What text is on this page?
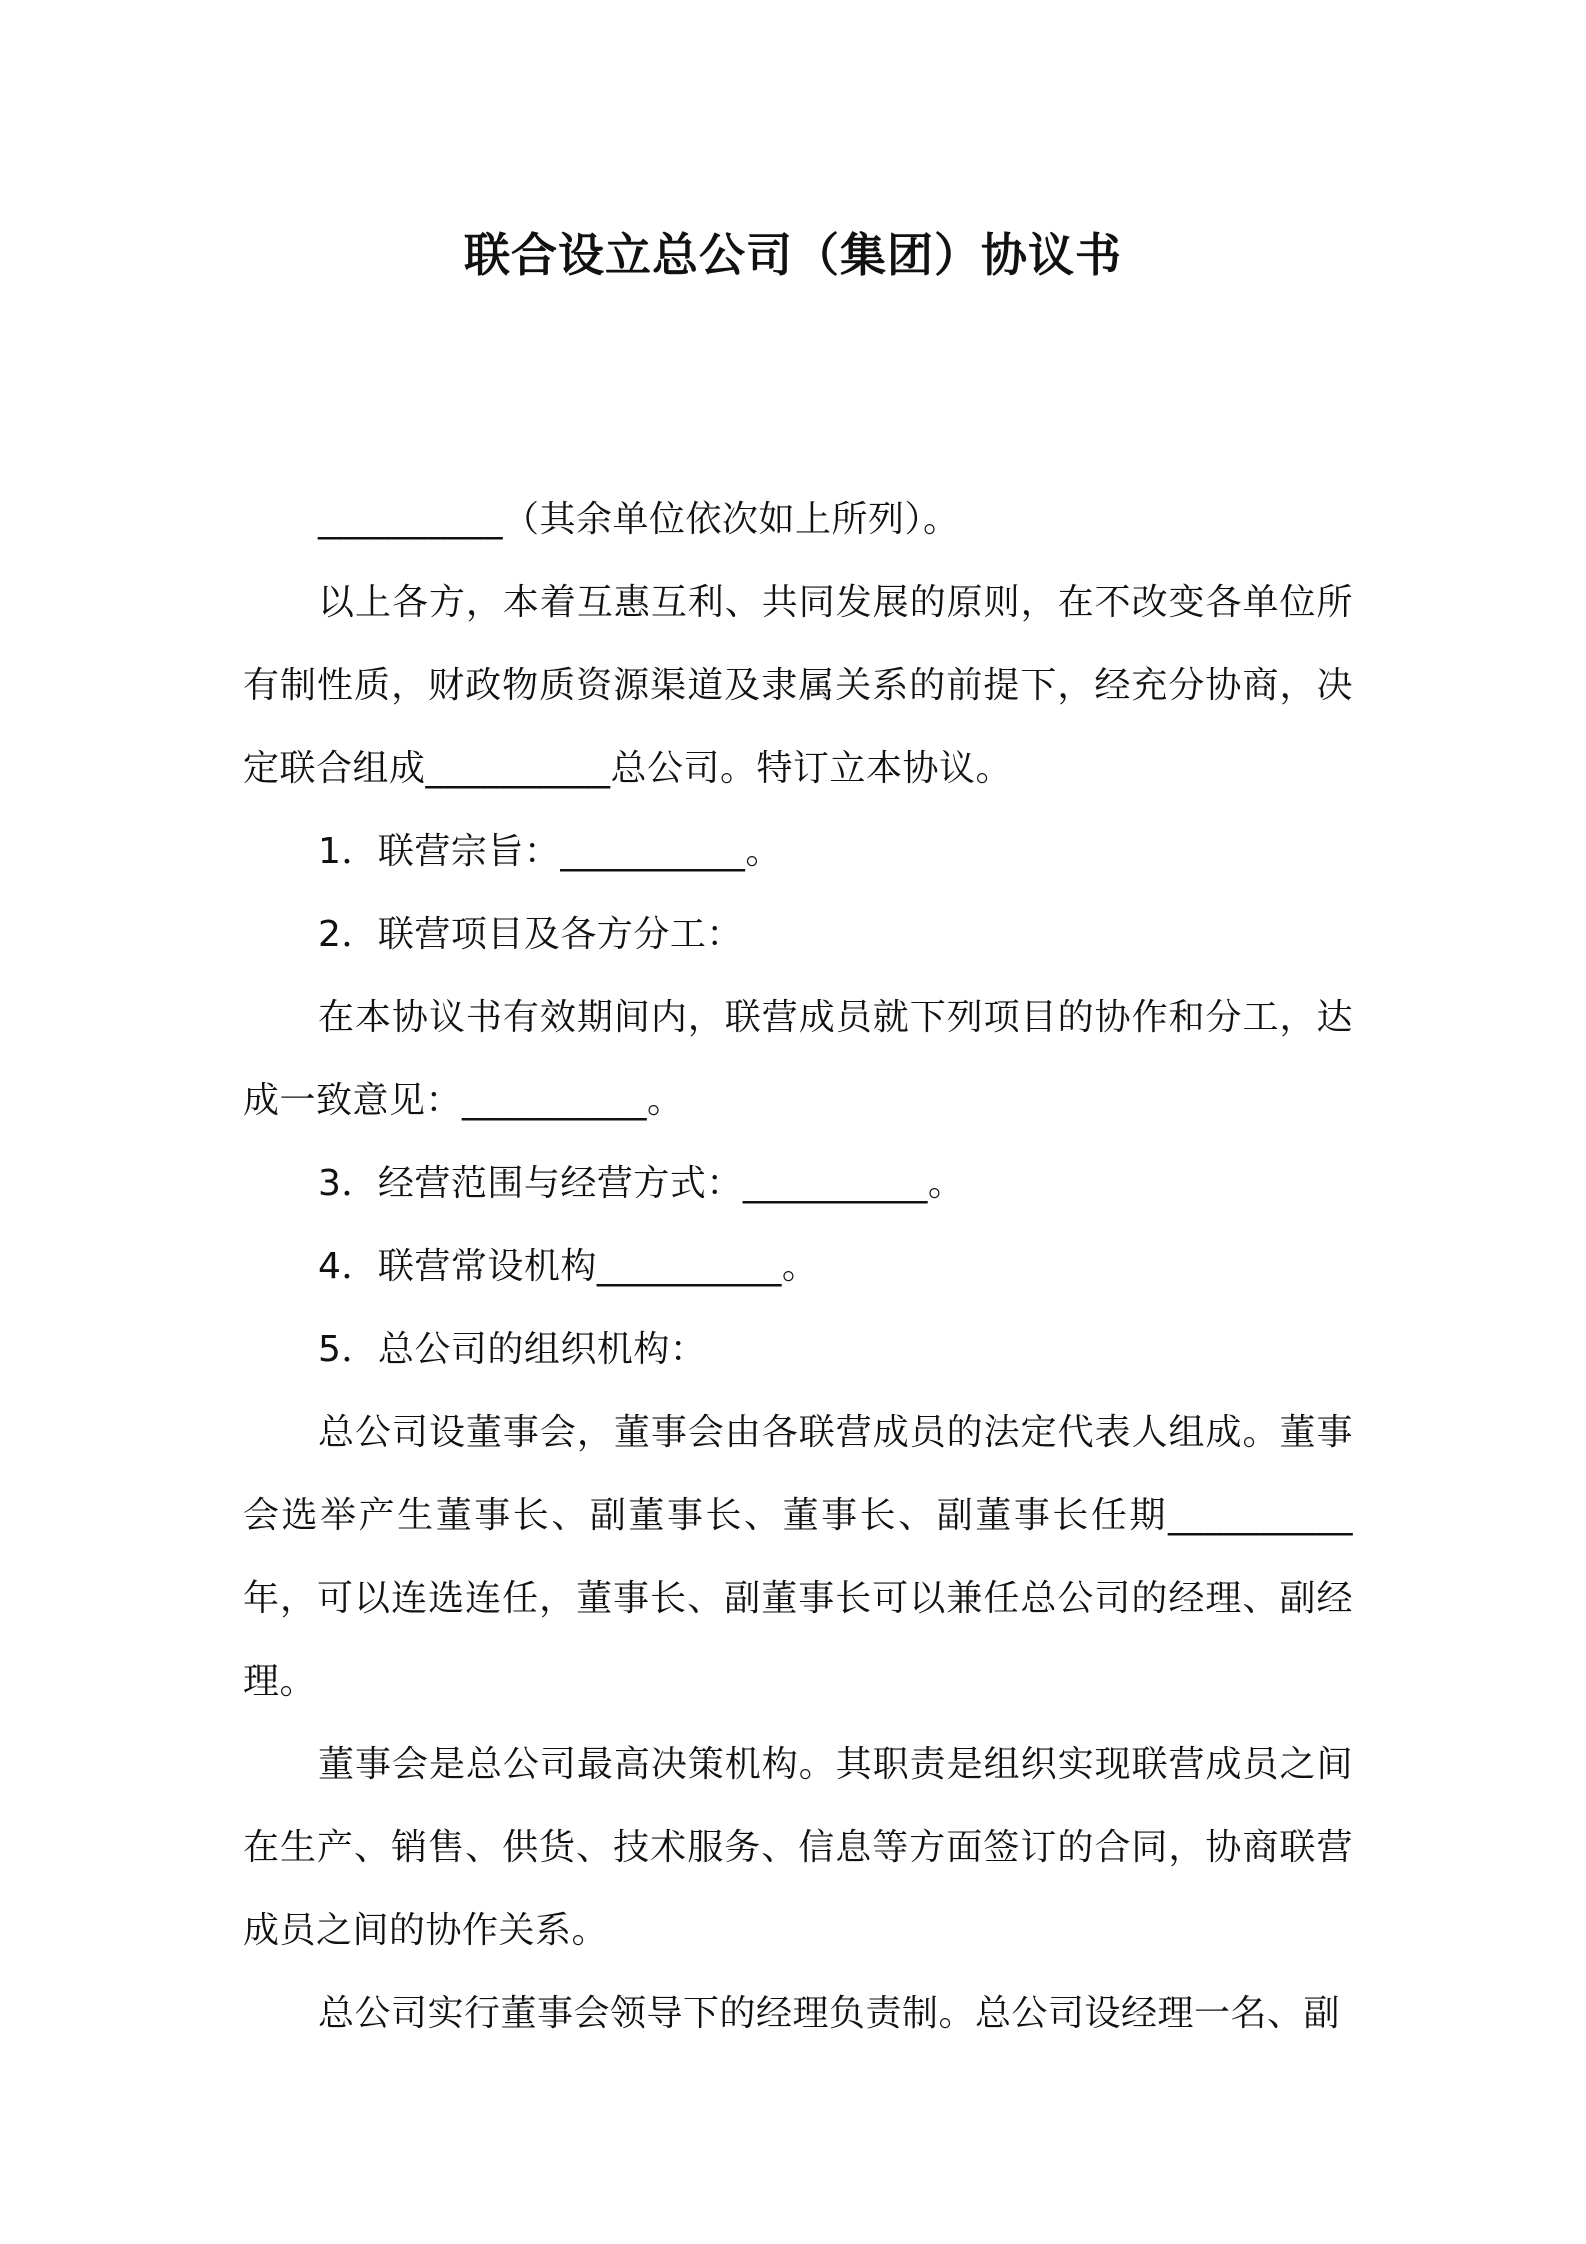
联合设立总公司（集团）协议书

__________（其余单位依次如上所列）。

以上各方，本着互惠互利、共同发展的原则，在不改变各单位所有制性质，财政物质资源渠道及隶属关系的前提下，经充分协商，决定联合组成__________总公司。特订立本协议。

1．联营宗旨：__________。

2．联营项目及各方分工：

在本协议书有效期间内，联营成员就下列项目的协作和分工，达成一致意见：__________。

3．经营范围与经营方式：__________。

4．联营常设机构__________。

5．总公司的组织机构：

总公司设董事会，董事会由各联营成员的法定代表人组成。董事会选举产生董事长、副董事长、董事长、副董事长任期__________年，可以连选连任，董事长、副董事长可以兼任总公司的经理、副经理。

董事会是总公司最高决策机构。其职责是组织实现联营成员之间在生产、销售、供货、技术服务、信息等方面签订的合同，协商联营成员之间的协作关系。

总公司实行董事会领导下的经理负责制。总公司设经理一名、副
